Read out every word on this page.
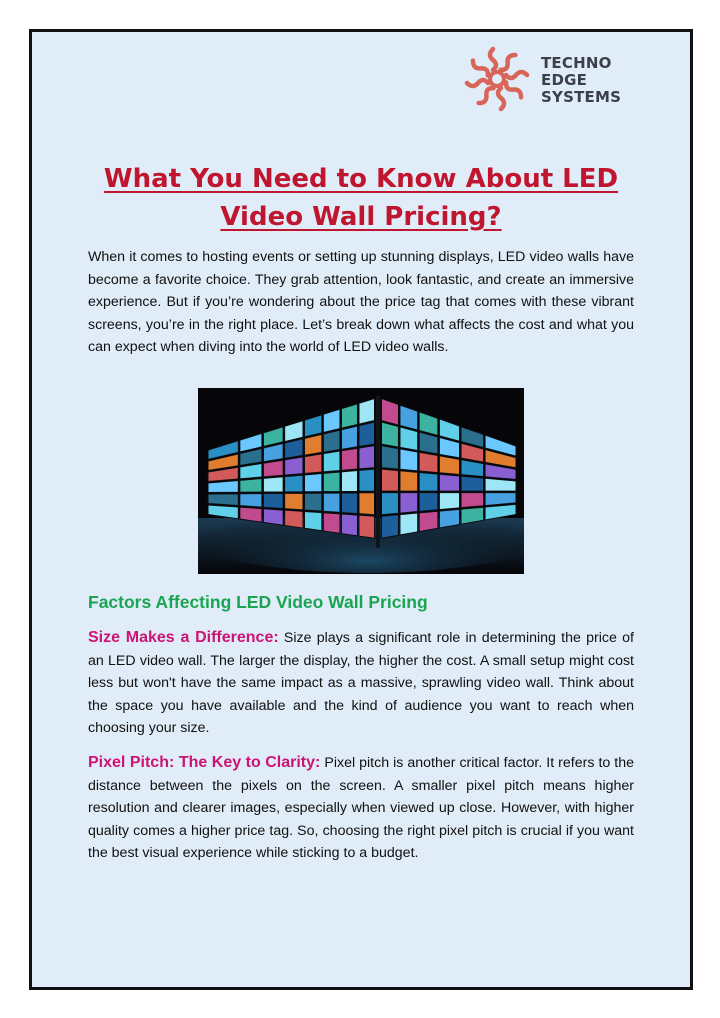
TECHNO
EDGE
SYSTEMS
What You Need to Know About LED Video Wall Pricing?

When it comes to hosting events or setting up stunning displays, LED video walls have become a favorite choice. They grab attention, look fantastic, and create an immersive experience. But if you’re wondering about the price tag that comes with these vibrant screens, you’re in the right place. Let’s break down what affects the cost and what you can expect when diving into the world of LED video walls.

Factors Affecting LED Video Wall Pricing

Size Makes a Difference: Size plays a significant role in determining the price of an LED video wall. The larger the display, the higher the cost. A small setup might cost less but won't have the same impact as a massive, sprawling video wall. Think about the space you have available and the kind of audience you want to reach when choosing your size.

Pixel Pitch: The Key to Clarity: Pixel pitch is another critical factor. It refers to the distance between the pixels on the screen. A smaller pixel pitch means higher resolution and clearer images, especially when viewed up close. However, with higher quality comes a higher price tag. So, choosing the right pixel pitch is crucial if you want the best visual experience while sticking to a budget.
